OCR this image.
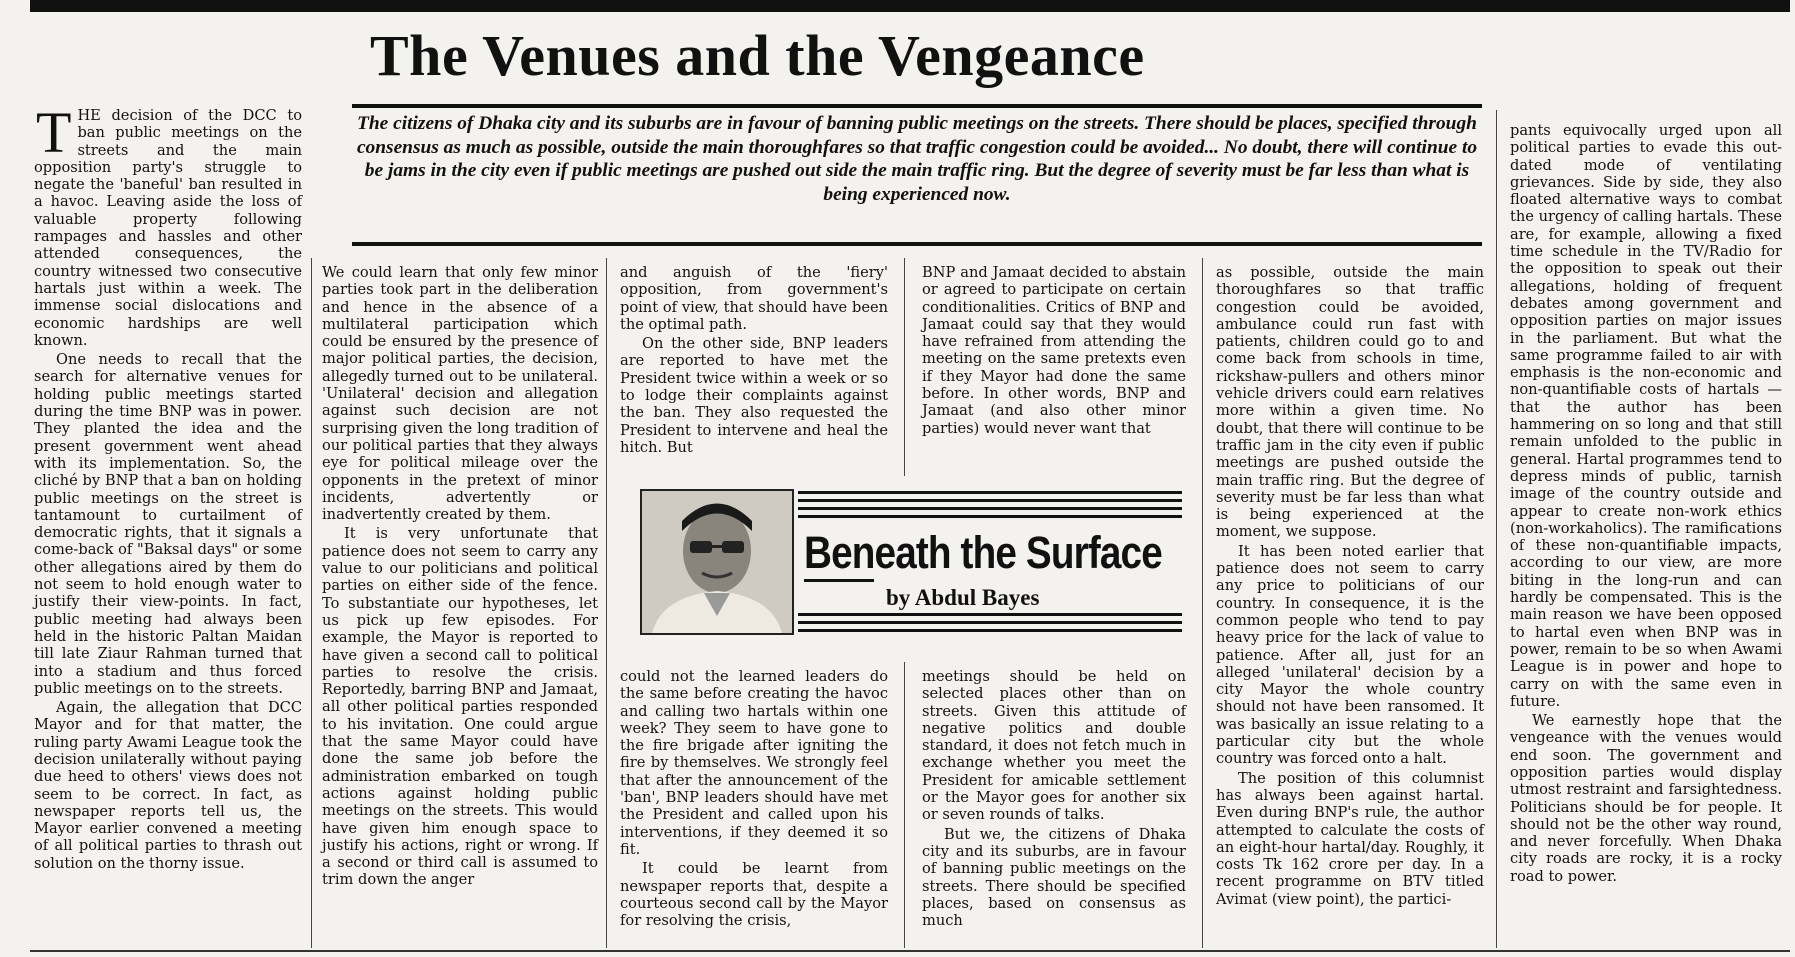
The Venues and the Vengeance
The citizens of Dhaka city and its suburbs are in favour of banning public meetings on the streets. There should be places, specified through consensus as much as possible, outside the main thoroughfares so that traffic congestion could be avoided... No doubt, there will continue to be jams in the city even if public meetings are pushed out side the main traffic ring. But the degree of severity must be far less than what is being experienced now.

THE decision of the DCC to ban public meetings on the streets and the main opposition party's struggle to negate the 'baneful' ban resulted in a havoc. Leaving aside the loss of valuable property following rampages and hassles and other attended consequences, the country witnessed two consecutive hartals just within a week. The immense social dislocations and economic hardships are well known.

One needs to recall that the search for alternative venues for holding public meetings started during the time BNP was in power. They planted the idea and the present government went ahead with its implementation. So, the cliché by BNP that a ban on holding public meetings on the street is tantamount to curtailment of democratic rights, that it signals a come-back of "Baksal days" or some other allegations aired by them do not seem to hold enough water to justify their view-points. In fact, public meeting had always been held in the historic Paltan Maidan till late Ziaur Rahman turned that into a stadium and thus forced public meetings on to the streets.

Again, the allegation that DCC Mayor and for that matter, the ruling party Awami League took the decision unilaterally without paying due heed to others' views does not seem to be correct. In fact, as newspaper reports tell us, the Mayor earlier convened a meeting of all political parties to thrash out solution on the thorny issue.

We could learn that only few minor parties took part in the deliberation and hence in the absence of a multilateral participation which could be ensured by the presence of major political parties, the decision, allegedly turned out to be unilateral. 'Unilateral' decision and allegation against such decision are not surprising given the long tradition of our political parties that they always eye for political mileage over the opponents in the pretext of minor incidents, advertently or inadvertently created by them.

It is very unfortunate that patience does not seem to carry any value to our politicians and political parties on either side of the fence. To substantiate our hypotheses, let us pick up few episodes. For example, the Mayor is reported to have given a second call to political parties to resolve the crisis. Reportedly, barring BNP and Jamaat, all other political parties responded to his invitation. One could argue that the same Mayor could have done the same job before the administration embarked on tough actions against holding public meetings on the streets. This would have given him enough space to justify his actions, right or wrong. If a second or third call is assumed to trim down the anger

and anguish of the 'fiery' opposition, from government's point of view, that should have been the optimal path.

On the other side, BNP leaders are reported to have met the President twice within a week or so to lodge their complaints against the ban. They also requested the President to intervene and heal the hitch. But

BNP and Jamaat decided to abstain or agreed to participate on certain conditionalities. Critics of BNP and Jamaat could say that they would have refrained from attending the meeting on the same pretexts even if they Mayor had done the same before. In other words, BNP and Jamaat (and also other minor parties) would never want that

Beneath the Surface
by Abdul Bayes

could not the learned leaders do the same before creating the havoc and calling two hartals within one week? They seem to have gone to the fire brigade after igniting the fire by themselves. We strongly feel that after the announcement of the 'ban', BNP leaders should have met the President and called upon his interventions, if they deemed it so fit.

It could be learnt from newspaper reports that, despite a courteous second call by the Mayor for resolving the crisis,

meetings should be held on selected places other than on streets. Given this attitude of negative politics and double standard, it does not fetch much in exchange whether you meet the President for amicable settlement or the Mayor goes for another six or seven rounds of talks.

But we, the citizens of Dhaka city and its suburbs, are in favour of banning public meetings on the streets. There should be specified places, based on consensus as much

as possible, outside the main thoroughfares so that traffic congestion could be avoided, ambulance could run fast with patients, children could go to and come back from schools in time, rickshaw-pullers and others minor vehicle drivers could earn relatives more within a given time. No doubt, that there will continue to be traffic jam in the city even if public meetings are pushed outside the main traffic ring. But the degree of severity must be far less than what is being experienced at the moment, we suppose.

It has been noted earlier that patience does not seem to carry any price to politicians of our country. In consequence, it is the common people who tend to pay heavy price for the lack of value to patience. After all, just for an alleged 'unilateral' decision by a city Mayor the whole country should not have been ransomed. It was basically an issue relating to a particular city but the whole country was forced onto a halt.

The position of this columnist has always been against hartal. Even during BNP's rule, the author attempted to calculate the costs of an eight-hour hartal/day. Roughly, it costs Tk 162 crore per day. In a recent programme on BTV titled Avimat (view point), the partici-

pants equivocally urged upon all political parties to evade this out-dated mode of ventilating grievances. Side by side, they also floated alternative ways to combat the urgency of calling hartals. These are, for example, allowing a fixed time schedule in the TV/Radio for the opposition to speak out their allegations, holding of frequent debates among government and opposition parties on major issues in the parliament. But what the same programme failed to air with emphasis is the non-economic and non-quantifiable costs of hartals — that the author has been hammering on so long and that still remain unfolded to the public in general. Hartal programmes tend to depress minds of public, tarnish image of the country outside and appear to create non-work ethics (non-workaholics). The ramifications of these non-quantifiable impacts, according to our view, are more biting in the long-run and can hardly be compensated. This is the main reason we have been opposed to hartal even when BNP was in power, remain to be so when Awami League is in power and hope to carry on with the same even in future.

We earnestly hope that the vengeance with the venues would end soon. The government and opposition parties would display utmost restraint and farsightedness. Politicians should be for people. It should not be the other way round, and never forcefully. When Dhaka city roads are rocky, it is a rocky road to power.
